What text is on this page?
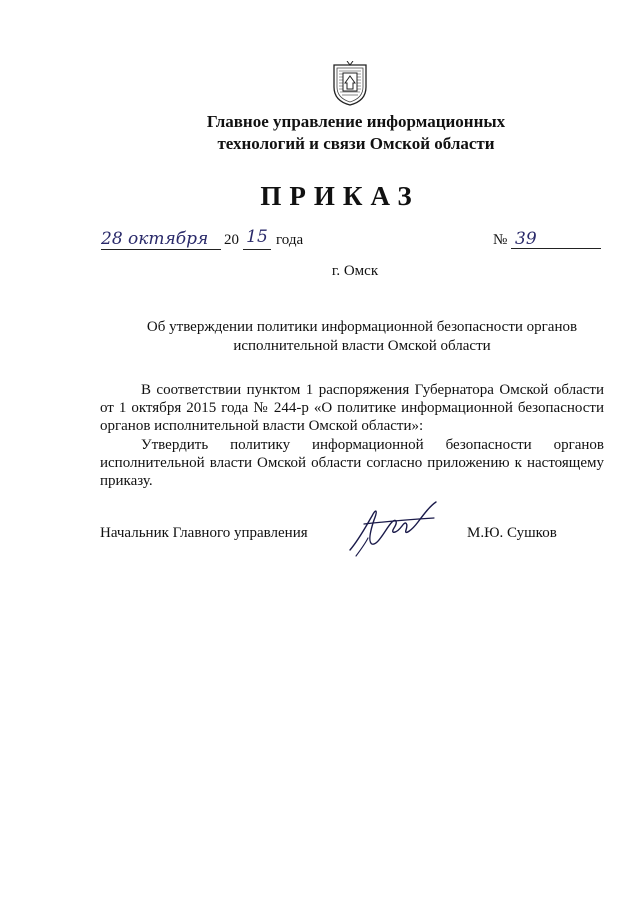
Главное управление информационных
технологий и связи Омской области
ПРИКАЗ
28 октября	20 15 года	№ 39
г. Омск
Об утверждении политики информационной безопасности органов исполнительной власти Омской области

В соответствии пунктом 1 распоряжения Губернатора Омской области от 1 октября 2015 года № 244-р «О политике информационной безопасности органов исполнительной власти Омской области»:

Утвердить политику информационной безопасности органов исполнительной власти Омской области согласно приложению к настоящему приказу.

Начальник Главного управления	М.Ю. Сушков
